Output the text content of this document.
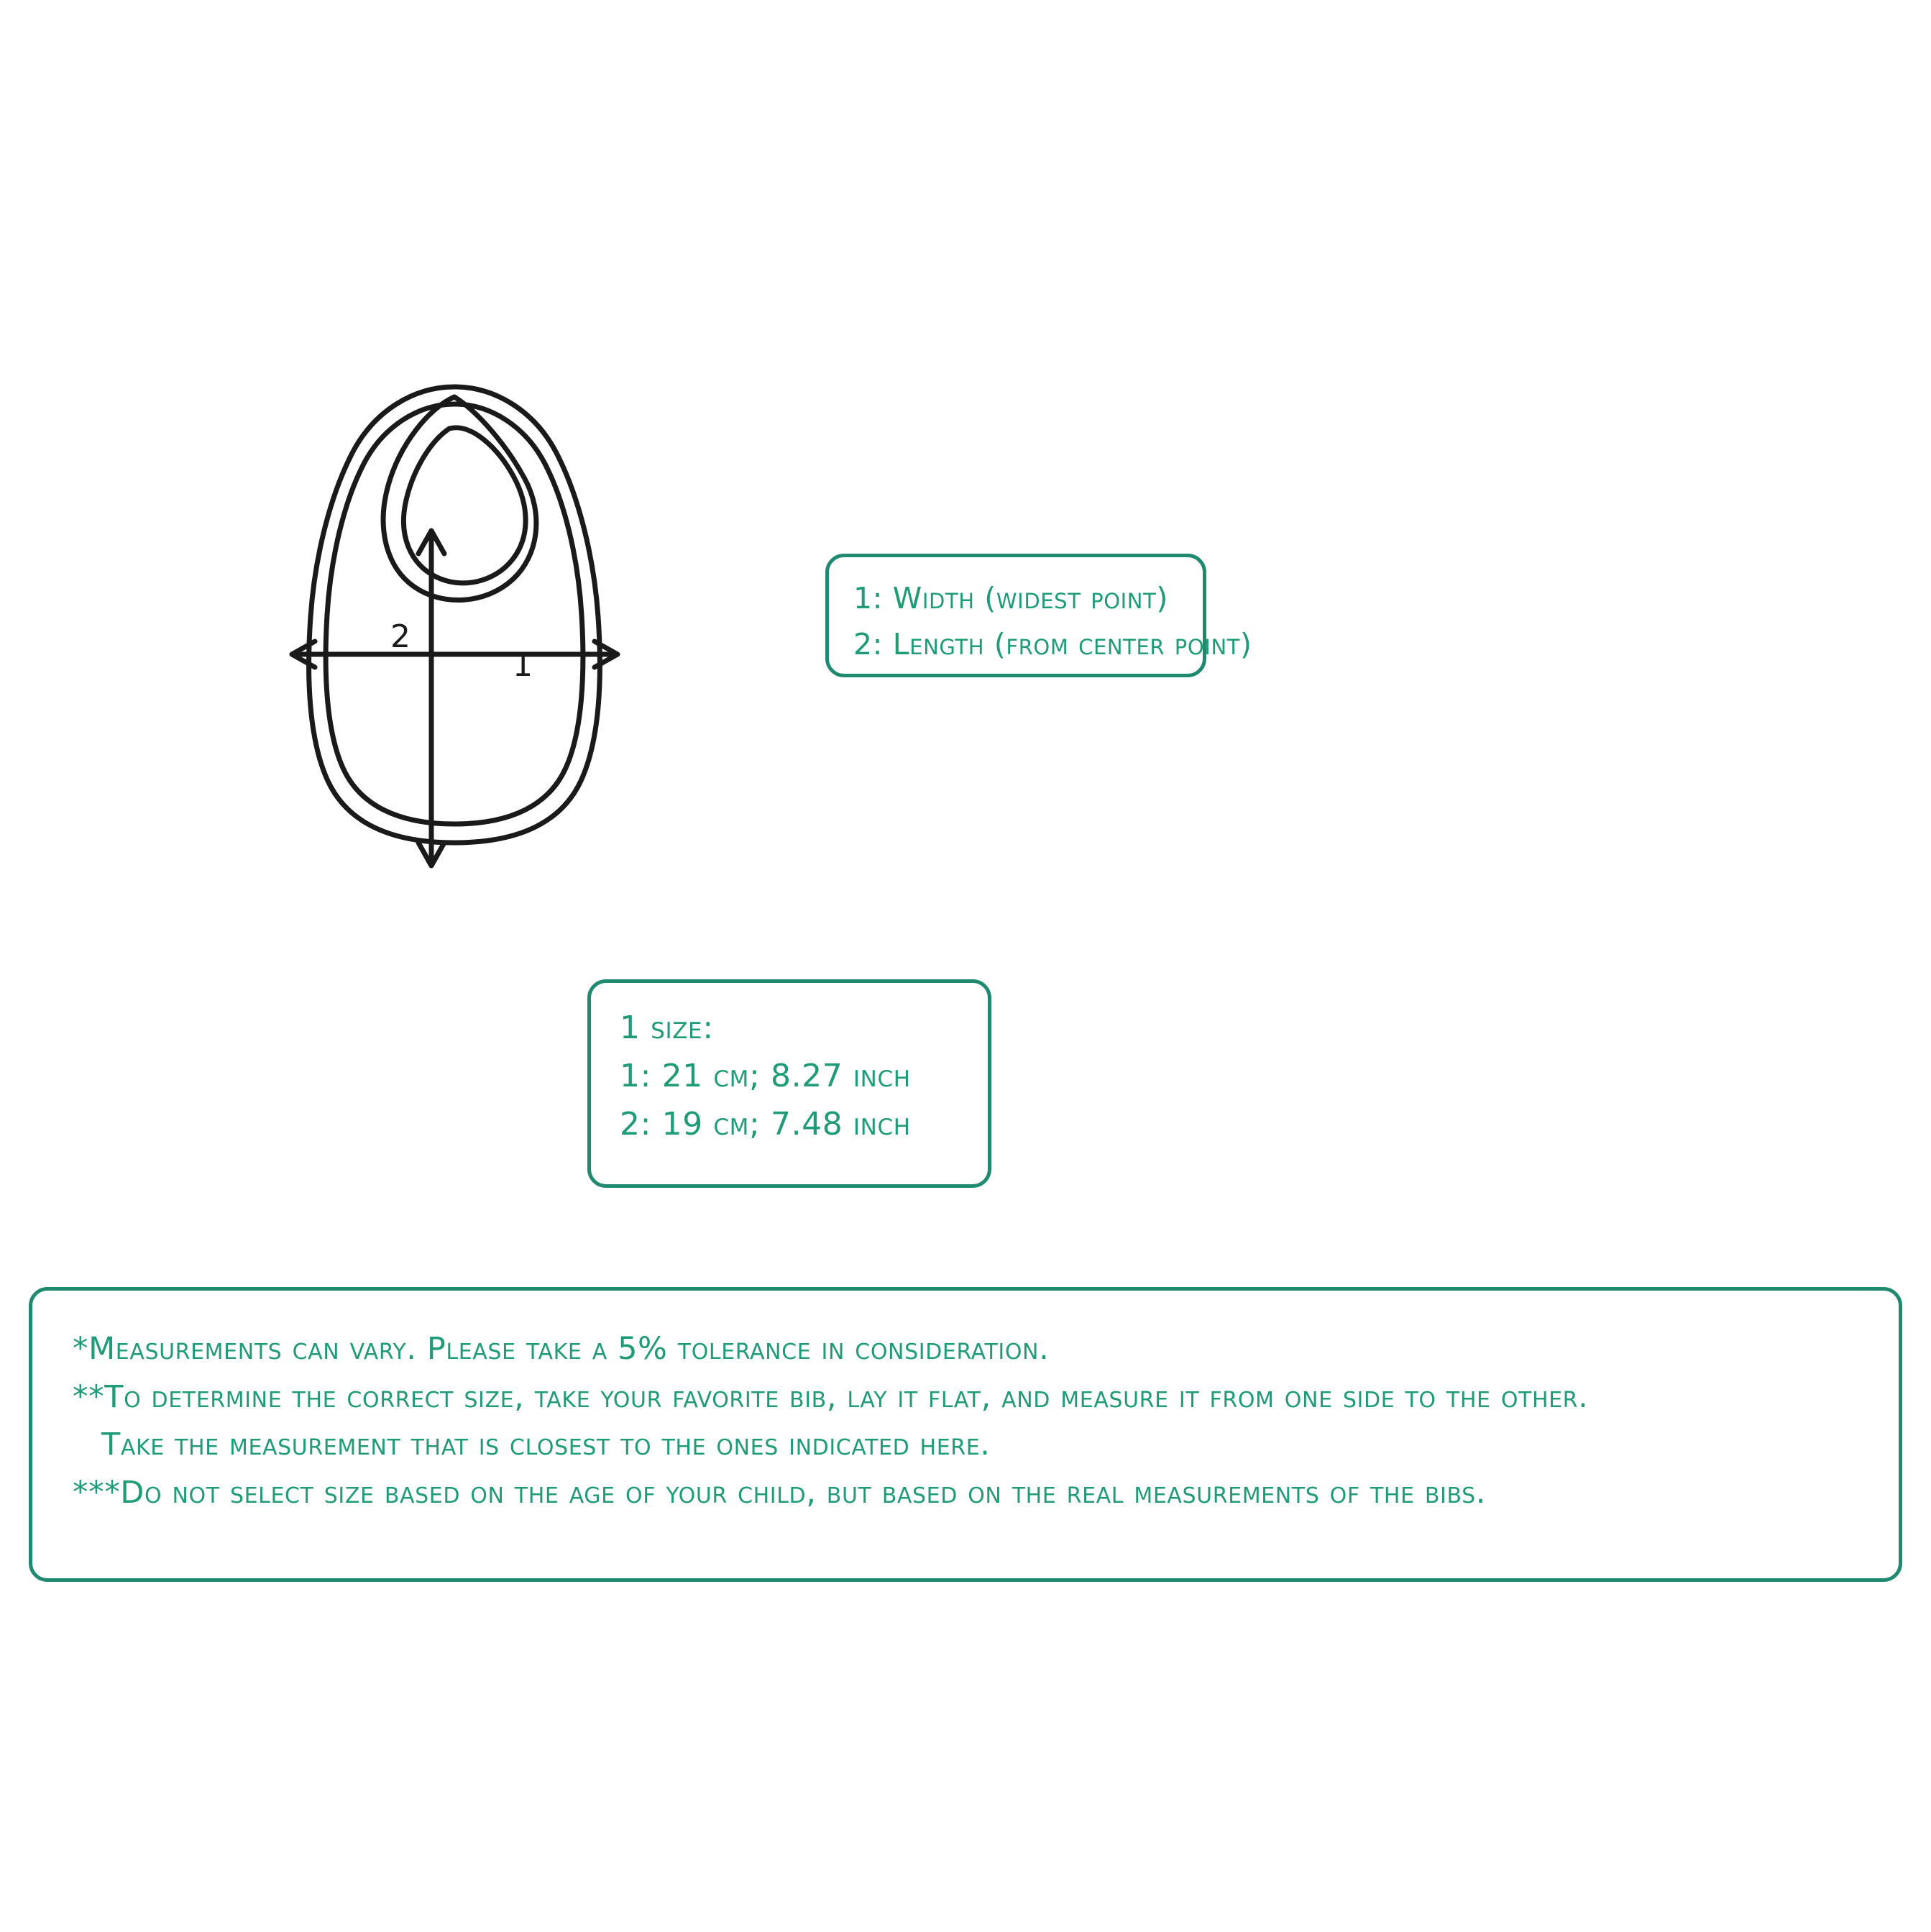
1
2
1: Width (widest point)
2: Length (from center point)
1 size:
1: 21 cm; 8.27 inch
2: 19 cm; 7.48 inch
*Measurements can vary. Please take a 5% tolerance in consideration.
**To determine the correct size, take your favorite bib, lay it flat, and measure it from one side to the other.
Take the measurement that is closest to the ones indicated here.
***Do not select size based on the age of your child, but based on the real measurements of the bibs.
